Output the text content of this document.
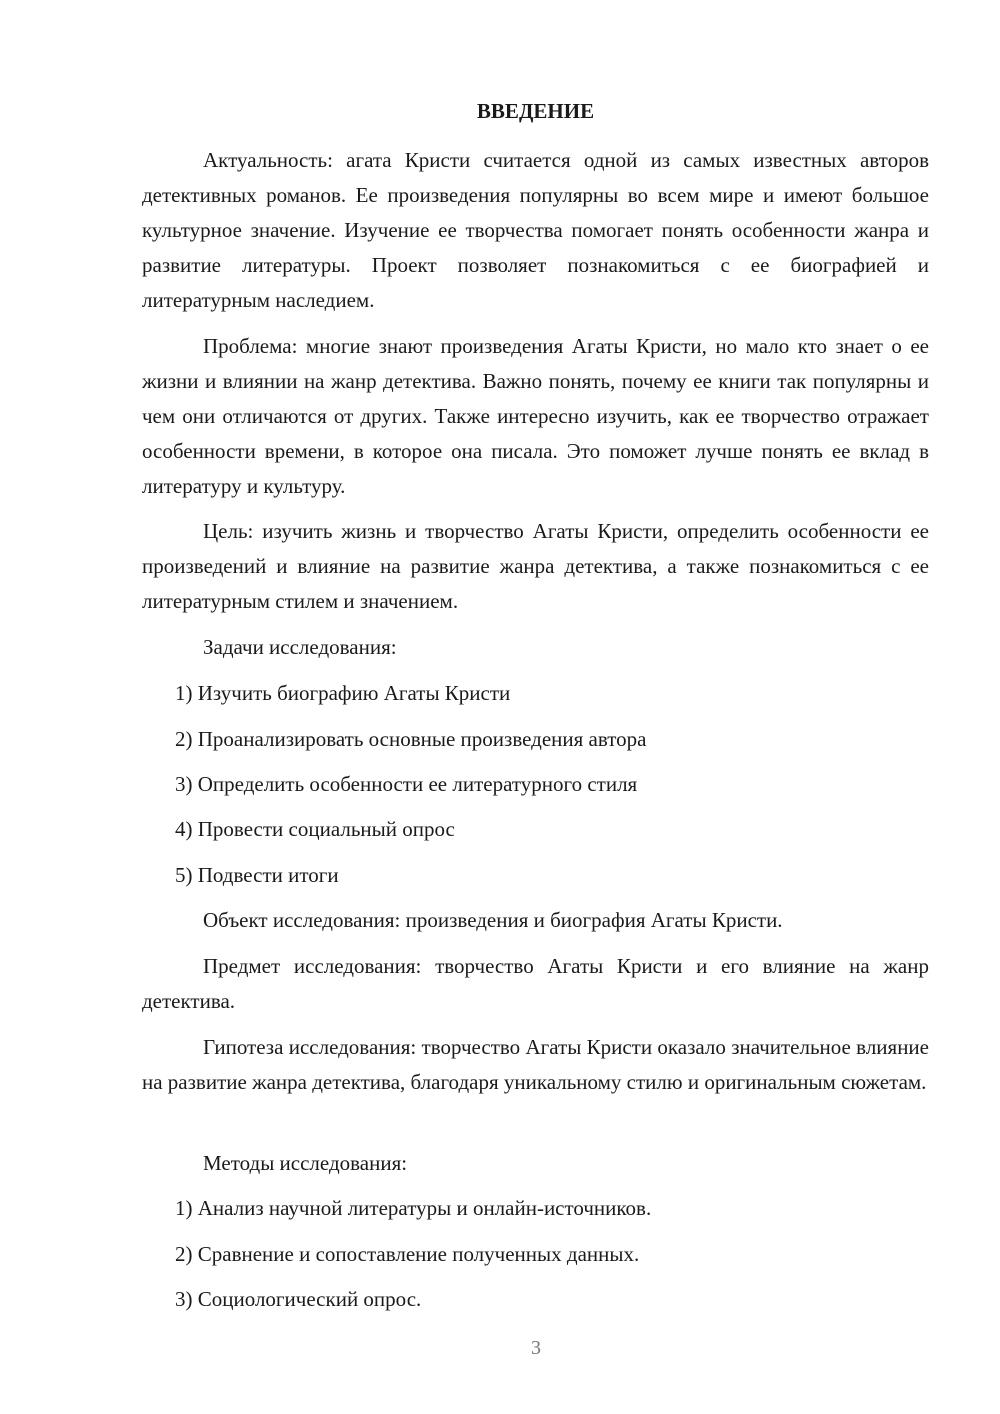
ВВЕДЕНИЕ

Актуальность: агата Кристи считается одной из самых известных авторов детективных романов. Ее произведения популярны во всем мире и имеют большое культурное значение. Изучение ее творчества помогает понять особенности жанра и развитие литературы. Проект позволяет познакомиться с ее биографией и литературным наследием.

Проблема: многие знают произведения Агаты Кристи, но мало кто знает о ее жизни и влиянии на жанр детектива. Важно понять, почему ее книги так популярны и чем они отличаются от других. Также интересно изучить, как ее творчество отражает особенности времени, в которое она писала. Это поможет лучше понять ее вклад в литературу и культуру.

Цель: изучить жизнь и творчество Агаты Кристи, определить особенности ее произведений и влияние на развитие жанра детектива, а также познакомиться с ее литературным стилем и значением.

Задачи исследования:

1) Изучить биографию Агаты Кристи

2) Проанализировать основные произведения автора

3) Определить особенности ее литературного стиля

4) Провести социальный опрос

5) Подвести итоги

Объект исследования: произведения и биография Агаты Кристи.

Предмет исследования: творчество Агаты Кристи и его влияние на жанр детектива.

Гипотеза исследования: творчество Агаты Кристи оказало значительное влияние на развитие жанра детектива, благодаря уникальному стилю и оригинальным сюжетам.

Методы исследования:

1) Анализ научной литературы и онлайн-источников.

2) Сравнение и сопоставление полученных данных.

3) Социологический опрос.

3
